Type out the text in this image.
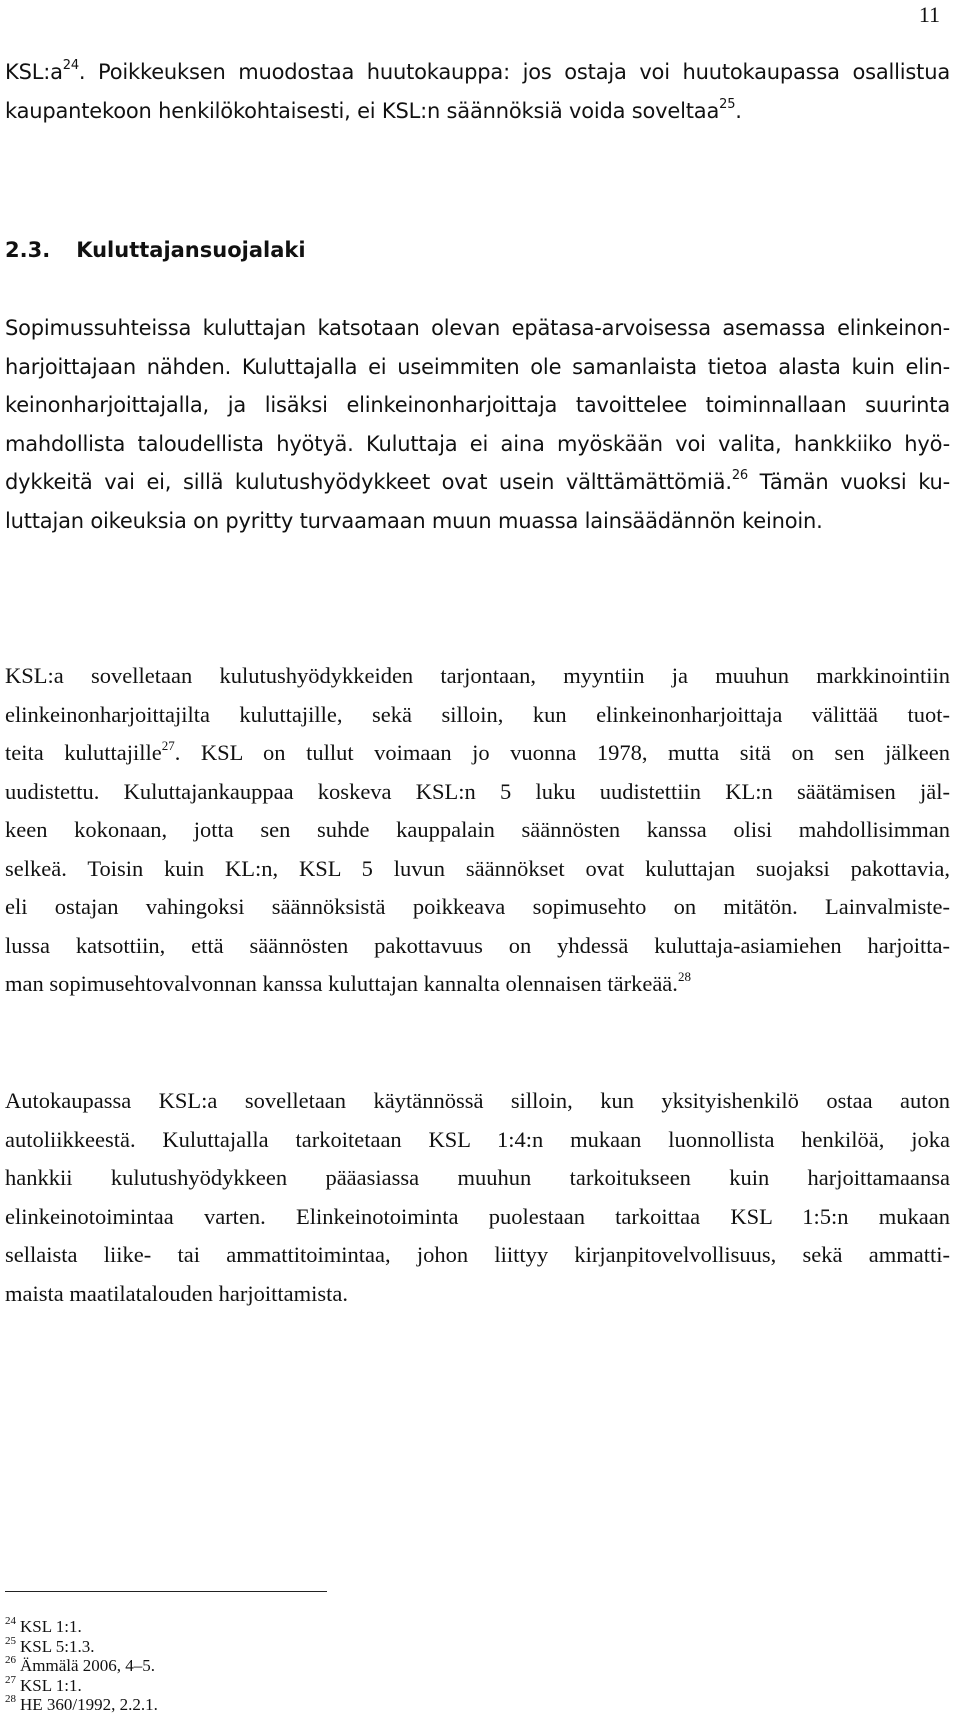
11
$KSL:a^{24}$. Poikkeuksen muodostaa huutokauppa: jos ostaja voi huutokaupassa osallistua
kaupantekoon henkilökohtaisesti, ei KSL:n säännöksiä voida soveltaa$^{25}$.
2.3. Kuluttajansuojalaki
Sopimussuhteissa kuluttajan katsotaan olevan epätasa-arvoisessa asemassa elinkeinon-
harjoittajaan nähden. Kuluttajalla ei useimmiten ole samanlaista tietoa alasta kuin elin-
keinonharjoittajalla, ja lisäksi elinkeinonharjoittaja tavoittelee toiminnallaan suurinta
mahdollista taloudellista hyötyä. Kuluttaja ei aina myöskään voi valita, hankkiiko hyö-
dykkeitä vai ei, sillä kulutushyödykkeet ovat usein välttämättömiä.$^{26}$ Tämän vuoksi ku-
luttajan oikeuksia on pyritty turvaamaan muun muassa lainsäädännön keinoin.
KSL:a sovelletaan kulutushyödykkeiden tarjontaan, myyntiin ja muuhun markkinointiin
elinkeinonharjoittajilta kuluttajille, sekä silloin, kun elinkeinonharjoittaja välittää tuot-
teita kuluttajille$^{27}$. KSL on tullut voimaan jo vuonna 1978, mutta sitä on sen jälkeen
uudistettu. Kuluttajankauppaa koskeva KSL:n 5 luku uudistettiin KL:n säätämisen jäl-
keen kokonaan, jotta sen suhde kauppalain säännösten kanssa olisi mahdollisimman
selkeä. Toisin kuin KL:n, KSL 5 luvun säännökset ovat kuluttajan suojaksi pakottavia,
eli ostajan vahingoksi säännöksistä poikkeava sopimusehto on mitätön. Lainvalmiste-
lussa katsottiin, että säännösten pakottavuus on yhdessä kuluttaja-asiamiehen harjoitta-
man sopimusehtovalvonnan kanssa kuluttajan kannalta olennaisen tärkeää.$^{28}$
Autokaupassa KSL:a sovelletaan käytännössä silloin, kun yksityishenkilö ostaa auton
autoliikkeestä. Kuluttajalla tarkoitetaan KSL 1:4:n mukaan luonnollista henkilöä, joka
hankkii kulutushyödykkeen pääasiassa muuhun tarkoitukseen kuin harjoittamaansa
elinkeinotoimintaa varten. Elinkeinotoiminta puolestaan tarkoittaa KSL 1:5:n mukaan
sellaista liike- tai ammattitoimintaa, johon liittyy kirjanpitovelvollisuus, sekä ammatti-
maista maatilatalouden harjoittamista.
$^{24}$ KSL 1:1.
$^{25}$ KSL 5:1.3.
$^{26}$ Ämmälä 2006, 4–5.
$^{27}$ KSL 1:1.
$^{28}$ HE 360/1992, 2.2.1.
